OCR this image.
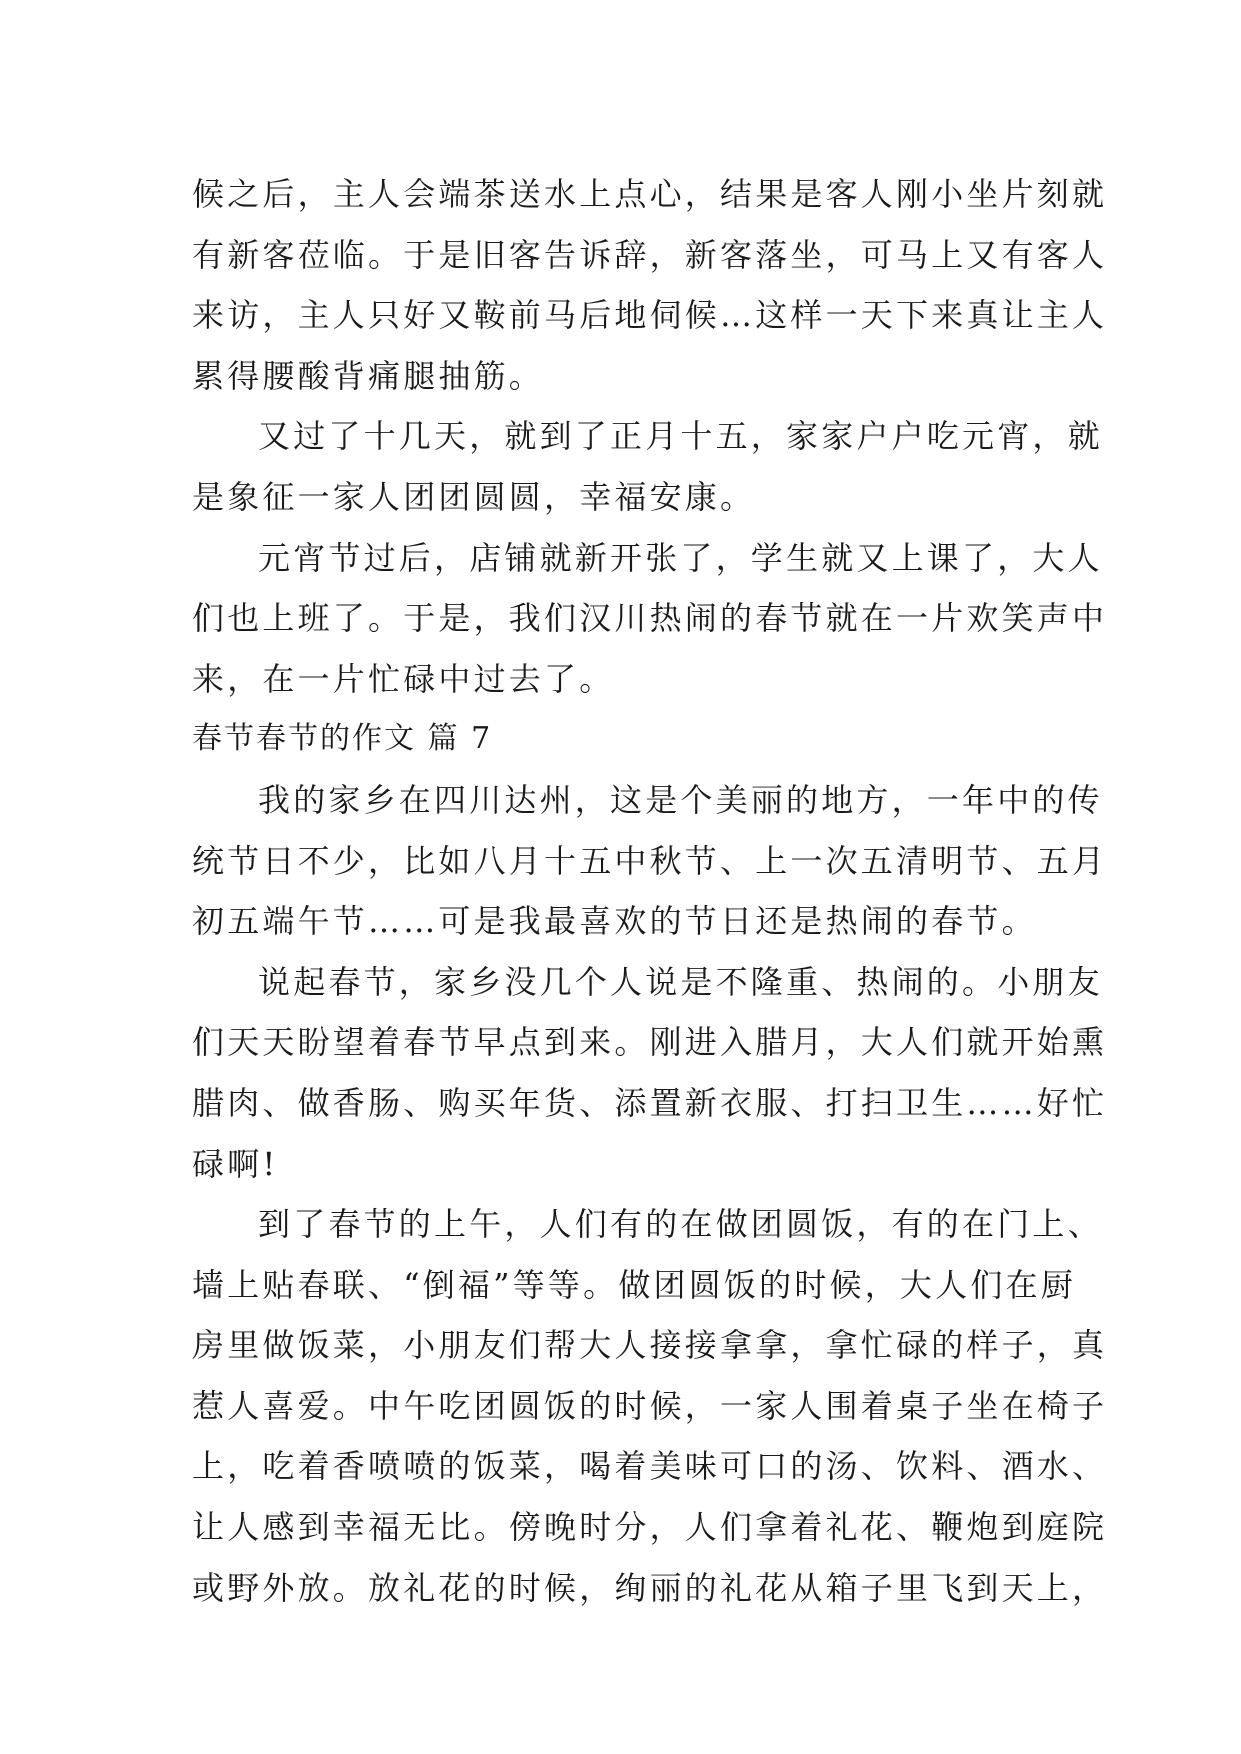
候之后，主人会端茶送水上点心，结果是客人刚小坐片刻就
有新客莅临。于是旧客告诉辞，新客落坐，可马上又有客人
来访，主人只好又鞍前马后地伺候…这样一天下来真让主人
累得腰酸背痛腿抽筋。
又过了十几天，就到了正月十五，家家户户吃元宵，就
是象征一家人团团圆圆，幸福安康。
元宵节过后，店铺就新开张了，学生就又上课了，大人
们也上班了。于是，我们汉川热闹的春节就在一片欢笑声中
来，在一片忙碌中过去了。
春节春节的作文 篇 7
我的家乡在四川达州，这是个美丽的地方，一年中的传
统节日不少，比如八月十五中秋节、上一次五清明节、五月
初五端午节……可是我最喜欢的节日还是热闹的春节。
说起春节，家乡没几个人说是不隆重、热闹的。小朋友
们天天盼望着春节早点到来。刚进入腊月，大人们就开始熏
腊肉、做香肠、购买年货、添置新衣服、打扫卫生……好忙
碌啊!
到了春节的上午，人们有的在做团圆饭，有的在门上、
墙上贴春联、“倒福”等等。做团圆饭的时候，大人们在厨
房里做饭菜，小朋友们帮大人接接拿拿，拿忙碌的样子，真
惹人喜爱。中午吃团圆饭的时候，一家人围着桌子坐在椅子
上，吃着香喷喷的饭菜，喝着美味可口的汤、饮料、酒水、
让人感到幸福无比。傍晚时分，人们拿着礼花、鞭炮到庭院
或野外放。放礼花的时候，绚丽的礼花从箱子里飞到天上，
